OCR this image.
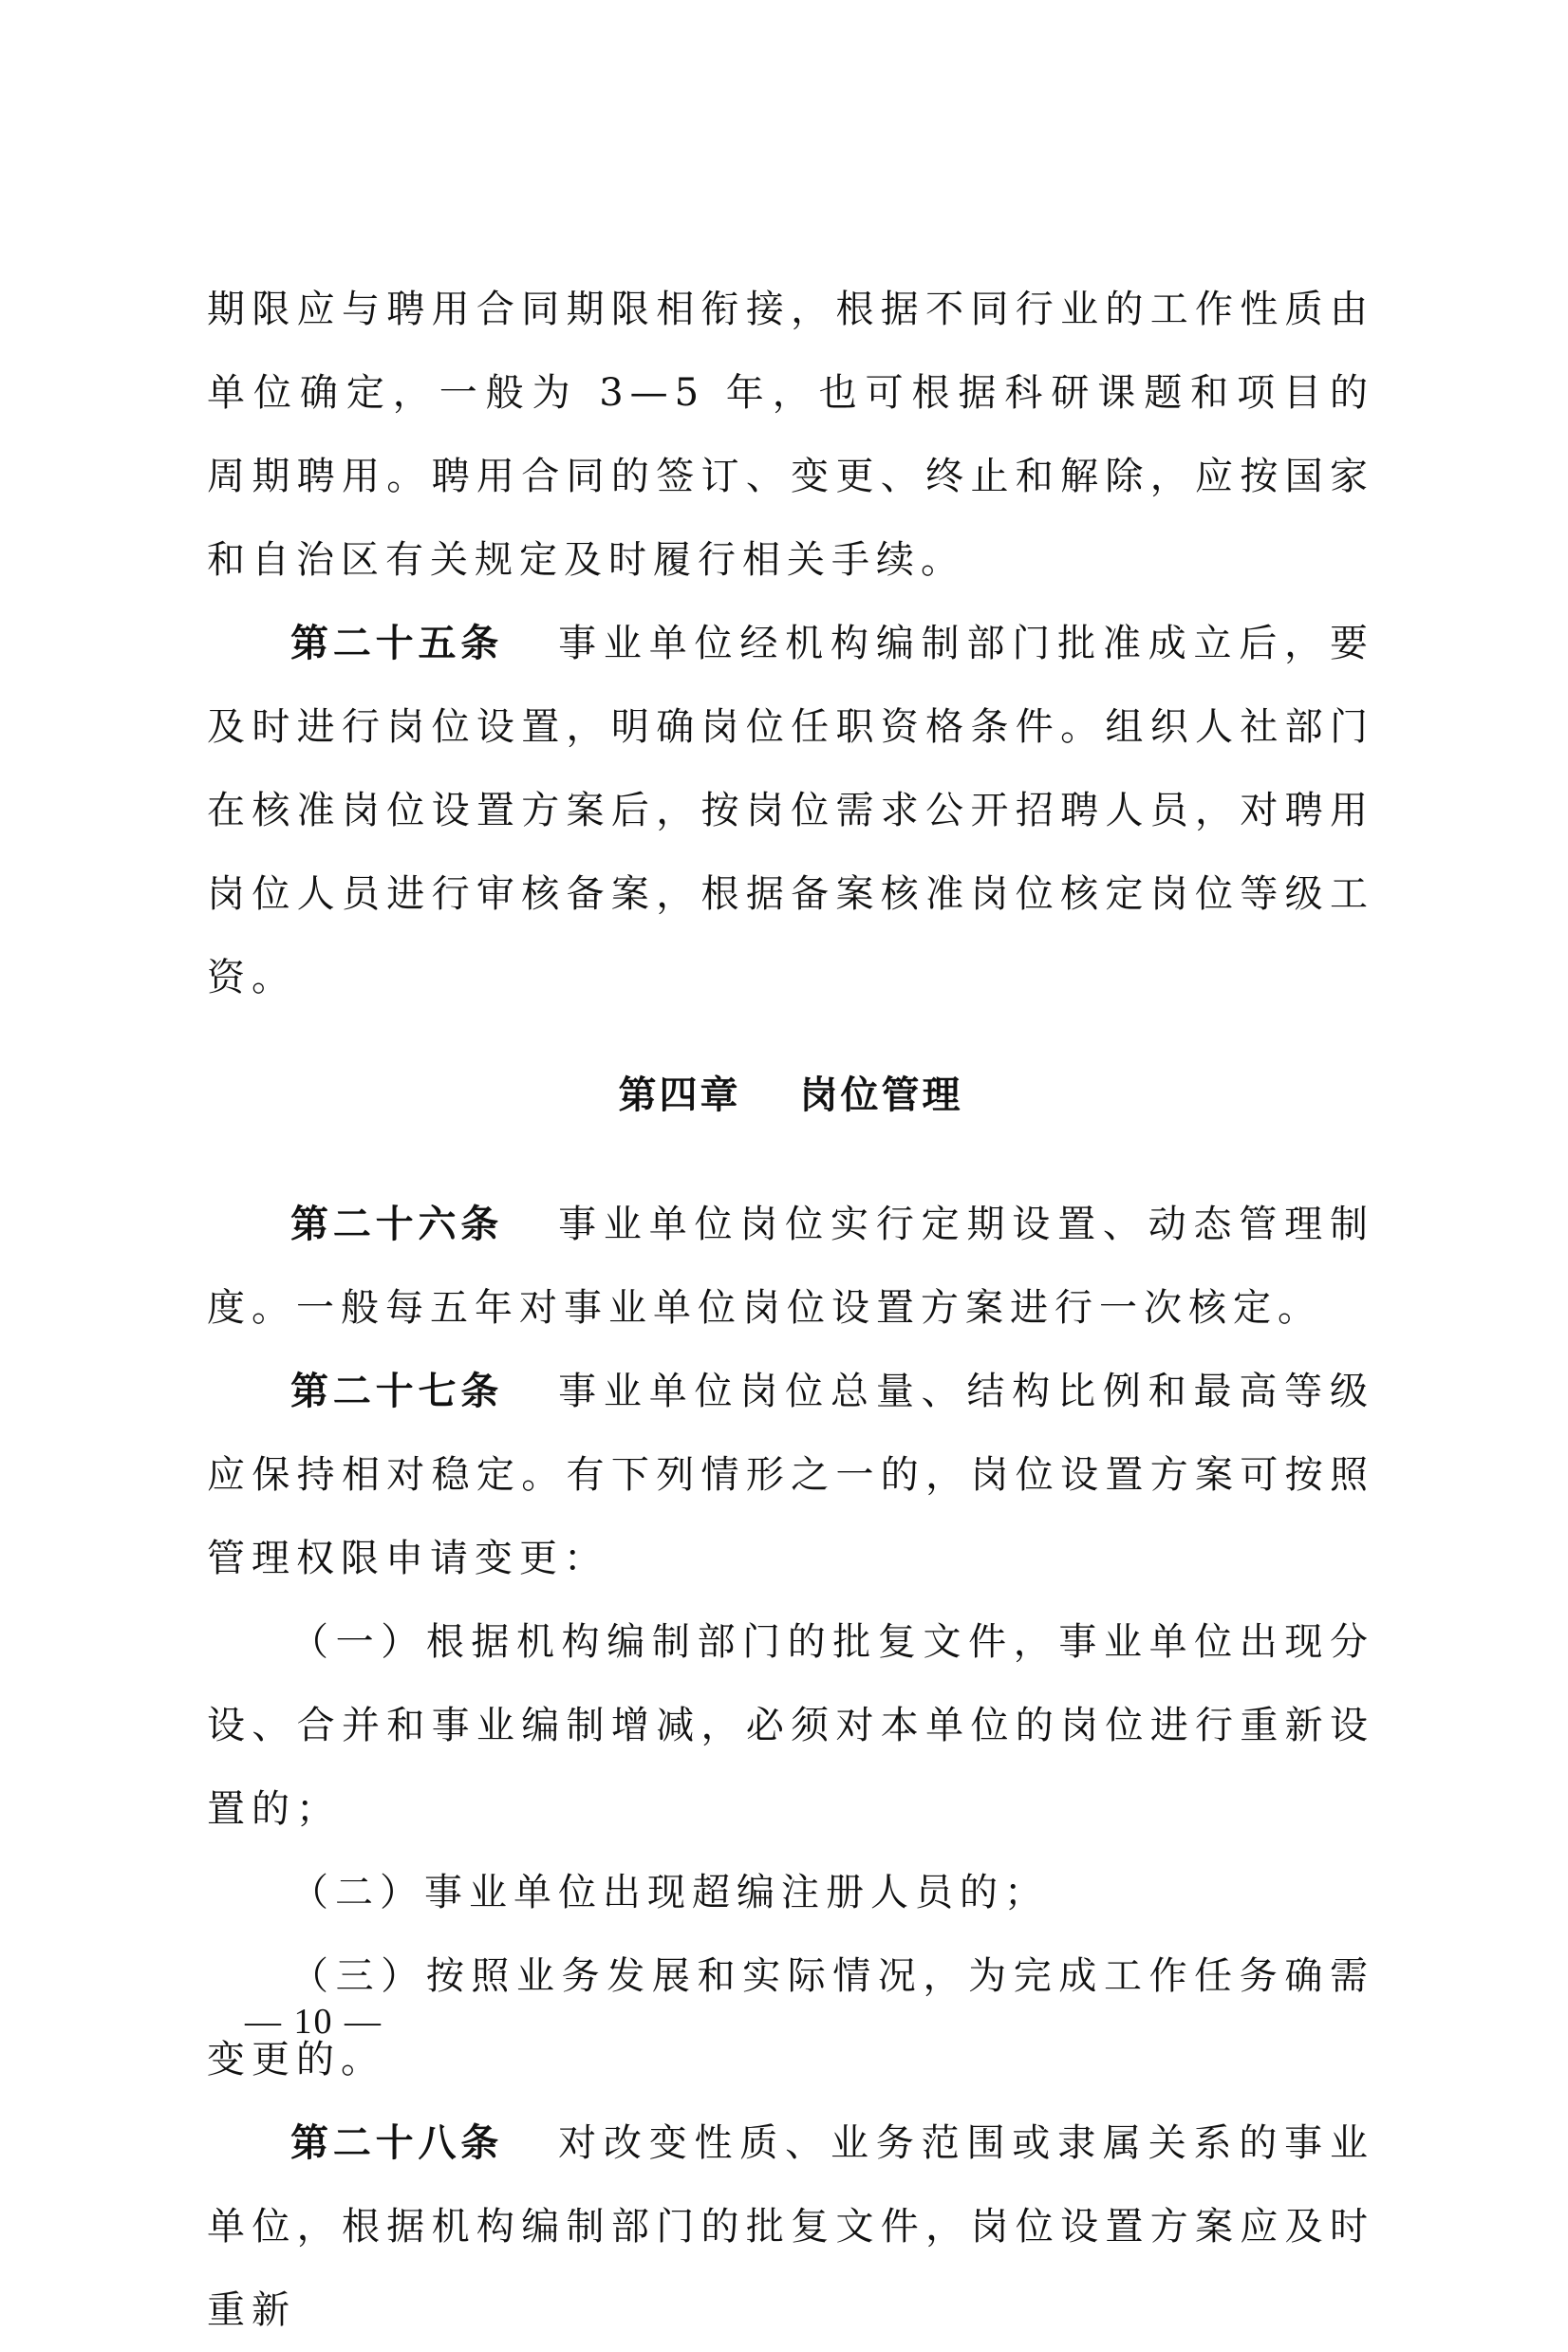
期限应与聘用合同期限相衔接，根据不同行业的工作性质由单位确定，一般为 3—5 年，也可根据科研课题和项目的周期聘用。聘用合同的签订、变更、终止和解除，应按国家和自治区有关规定及时履行相关手续。

第二十五条 事业单位经机构编制部门批准成立后，要及时进行岗位设置，明确岗位任职资格条件。组织人社部门在核准岗位设置方案后，按岗位需求公开招聘人员，对聘用岗位人员进行审核备案，根据备案核准岗位核定岗位等级工资。

第四章 岗位管理

第二十六条 事业单位岗位实行定期设置、动态管理制度。一般每五年对事业单位岗位设置方案进行一次核定。

第二十七条 事业单位岗位总量、结构比例和最高等级应保持相对稳定。有下列情形之一的，岗位设置方案可按照管理权限申请变更：

（一）根据机构编制部门的批复文件，事业单位出现分设、合并和事业编制增减，必须对本单位的岗位进行重新设置的；

（二）事业单位出现超编注册人员的；

（三）按照业务发展和实际情况，为完成工作任务确需变更的。

第二十八条 对改变性质、业务范围或隶属关系的事业单位，根据机构编制部门的批复文件，岗位设置方案应及时重新

— 10 —
